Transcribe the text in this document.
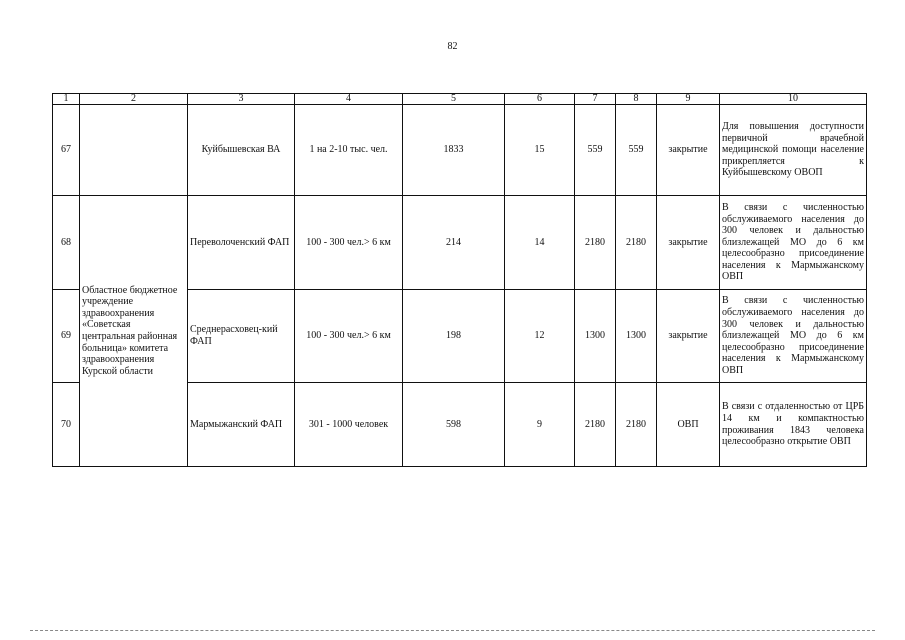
82
1	2	3	4	5	6	7	8	9	10
67		Куйбышевская ВА	1 на 2-10 тыс. чел.	1833	15	559	559	закрытие	Для повышения доступности первичной врачебной медицинской помощи население прикрепляется к Куйбышевскому ОВОП
68	Областное бюджетное учреждение здравоохранения «Советская центральная районная больница» комитета здравоохранения Курской области	Переволоченский ФАП	100 - 300 чел.> 6 км	214	14	2180	2180	закрытие	В связи с численностью обслуживаемого населения до 300 человек и дальностью близлежащей МО до 6 км целесообразно присоединение населения к Мармыжанскому ОВП
69		Среднерасховец-кий ФАП	100 - 300 чел.> 6 км	198	12	1300	1300	закрытие	В связи с численностью обслуживаемого населения до 300 человек и дальностью близлежащей МО до 6 км целесообразно присоединение населения к Мармыжанскому ОВП
70		Мармыжанский ФАП	301 - 1000 человек	598	9	2180	2180	ОВП	В связи с отдаленностью от ЦРБ 14 км и компактностью проживания 1843 человека целесообразно открытие ОВП
